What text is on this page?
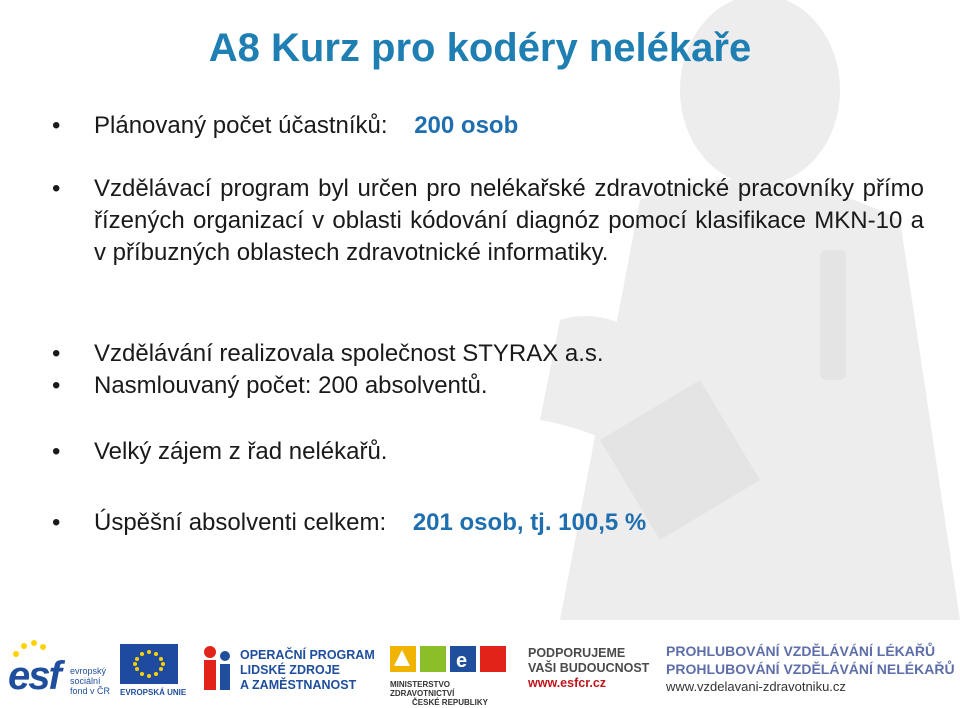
A8 Kurz pro kodéry nelékaře
• Plánovaný počet účastníků: 200 osob
• Vzdělávací program byl určen pro nelékařské zdravotnické pracovníky přímo řízených organizací v oblasti kódování diagnóz pomocí klasifikace MKN-10 a v příbuzných oblastech zdravotnické informatiky.
• Vzdělávání realizovala společnost STYRAX a.s.
• Nasmlouvaný počet: 200 absolventů.
• Velký zájem z řad nelékařů.
• Úspěšní absolventi celkem: 201 osob, tj. 100,5 %
esf evropský
sociální
fond v ČR EVROPSKÁ UNIE
OPERAČNÍ PROGRAM
LIDSKÉ ZDROJE
A ZAMĚSTNANOST
e
MINISTERSTVO ZDRAVOTNICTVÍ
ČESKÉ REPUBLIKY
PODPORUJEME
VAŠI BUDOUCNOST
www.esfcr.cz
PROHLUBOVÁNÍ VZDĚLÁVÁNÍ LÉKAŘŮ
PROHLUBOVÁNÍ VZDĚLÁVÁNÍ NELÉKAŘŮ
www.vzdelavani-zdravotniku.cz
